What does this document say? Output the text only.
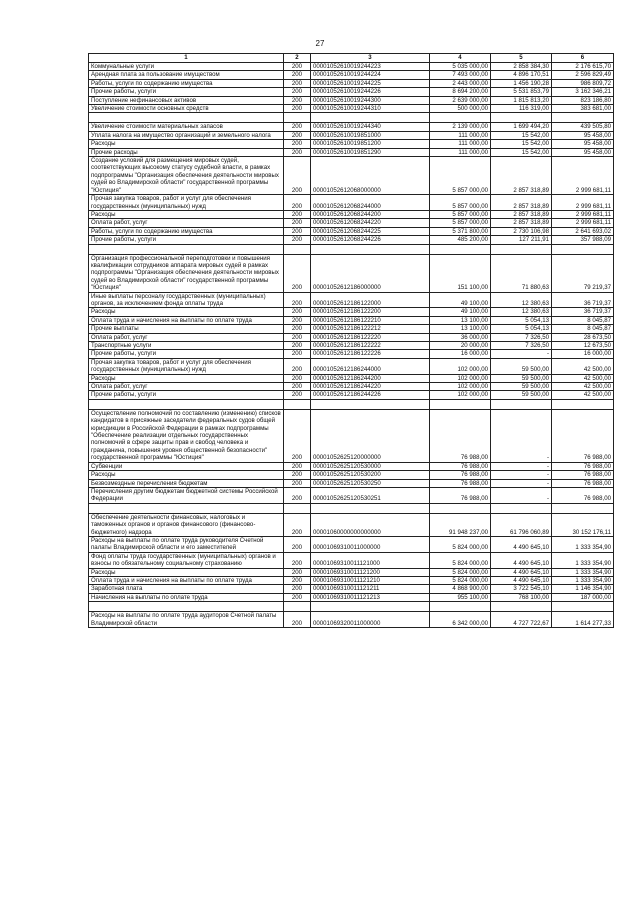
27
1	2	3	4	5	6
Коммунальные услуги	200	00001052610019244223	5 035 000,00	2 858 384,30	2 176 615,70
Арендная плата за пользование имуществом	200	00001052610019244224	7 493 000,00	4 896 170,51	2 596 829,49
Работы, услуги по содержанию имущества	200	00001052610019244225	2 443 000,00	1 456 190,28	986 809,72
Прочие работы, услуги	200	00001052610019244226	8 694 200,00	5 531 853,79	3 162 346,21
Поступление нефинансовых активов	200	00001052610019244300	2 639 000,00	1 815 813,20	823 186,80
Увеличение стоимости основных средств	200	00001052610019244310	500 000,00	116 319,00	383 681,00

Увеличение стоимости материальных запасов	200	00001052610019244340	2 139 000,00	1 699 494,20	439 505,80
Уплата налога на имущество организаций и земельного налога	200	00001052610019851000	111 000,00	15 542,00	95 458,00
Расходы	200	00001052610019851200	111 000,00	15 542,00	95 458,00
Прочие расходы	200	00001052610019851290	111 000,00	15 542,00	95 458,00
Создание условий для размещения мировых судей, соответствующих высокому статусу судебной власти, в рамках подпрограммы "Организация обеспечения деятельности мировых судей во Владимирской области" государственной программы "Юстиция"	200	00001052612068000000	5 857 000,00	2 857 318,89	2 999 681,11
Прочая закупка товаров, работ и услуг для обеспечения государственных (муниципальных) нужд	200	00001052612068244000	5 857 000,00	2 857 318,89	2 999 681,11
Расходы	200	00001052612068244200	5 857 000,00	2 857 318,89	2 999 681,11
Оплата работ, услуг	200	00001052612068244220	5 857 000,00	2 857 318,89	2 999 681,11
Работы, услуги по содержанию имущества	200	00001052612068244225	5 371 800,00	2 730 106,98	2 641 693,02
Прочие работы, услуги	200	00001052612068244226	485 200,00	127 211,91	357 988,09

Организация профессиональной переподготовки и повышения квалификации сотрудников аппарата мировых судей в рамках подпрограммы "Организация обеспечения деятельности мировых судей во Владимирской области" государственной программы "Юстиция"	200	00001052612186000000	151 100,00	71 880,63	79 219,37
Иные выплаты персоналу государственных (муниципальных) органов, за исключением фонда оплаты труда	200	00001052612186122000	49 100,00	12 380,63	36 719,37
Расходы	200	00001052612186122200	49 100,00	12 380,63	36 719,37
Оплата труда и начисления на выплаты по оплате труда	200	00001052612186122210	13 100,00	5 054,13	8 045,87
Прочие выплаты	200	00001052612186122212	13 100,00	5 054,13	8 045,87
Оплата работ, услуг	200	00001052612186122220	36 000,00	7 326,50	28 673,50
Транспортные услуги	200	00001052612186122222	20 000,00	7 326,50	12 673,50
Прочие работы, услуги	200	00001052612186122226	16 000,00	-	16 000,00
Прочая закупка товаров, работ и услуг для обеспечения государственных (муниципальных) нужд	200	00001052612186244000	102 000,00	59 500,00	42 500,00
Расходы	200	00001052612186244200	102 000,00	59 500,00	42 500,00
Оплата работ, услуг	200	00001052612186244220	102 000,00	59 500,00	42 500,00
Прочие работы, услуги	200	00001052612186244226	102 000,00	59 500,00	42 500,00

Осуществление полномочий по составлению (изменению) списков кандидатов в присяжные заседатели федеральных судов общей юрисдикции в Российской Федерации в рамках подпрограммы "Обеспечение реализации отдельных государственных полномочий в сфере защиты прав и свобод человека и гражданина, повышения уровня общественной безопасности" государственной программы "Юстиция"	200	00001052625120000000	76 988,00	-	76 988,00
Субвенции	200	00001052625120530000	76 988,00	-	76 988,00
Расходы	200	00001052625120530200	76 988,00	-	76 988,00
Безвозмездные перечисления бюджетам	200	00001052625120530250	76 988,00	-	76 988,00
Перечисления другим бюджетам бюджетной системы Российской Федерации	200	00001052625120530251	76 988,00	-	76 988,00

Обеспечение деятельности финансовых, налоговых и таможенных органов и органов финансового (финансово-бюджетного) надзора	200	00001060000000000000	91 948 237,00	61 796 060,89	30 152 176,11
Расходы на выплаты по оплате труда руководителя Счетной палаты Владимирской области и его заместителей	200	00001069310011000000	5 824 000,00	4 490 645,10	1 333 354,90
Фонд оплаты труда государственных (муниципальных) органов и взносы по обязательному социальному страхованию	200	00001069310011121000	5 824 000,00	4 490 645,10	1 333 354,90
Расходы	200	00001069310011121200	5 824 000,00	4 490 645,10	1 333 354,90
Оплата труда и начисления на выплаты по оплате труда	200	00001069310011121210	5 824 000,00	4 490 645,10	1 333 354,90
Заработная плата	200	00001069310011121211	4 868 900,00	3 722 545,10	1 146 354,90
Начисления на выплаты по оплате труда	200	00001069310011121213	955 100,00	768 100,00	187 000,00

Расходы на выплаты по оплате труда аудиторов Счетной палаты Владимирской области	200	00001069320011000000	6 342 000,00	4 727 722,67	1 614 277,33
